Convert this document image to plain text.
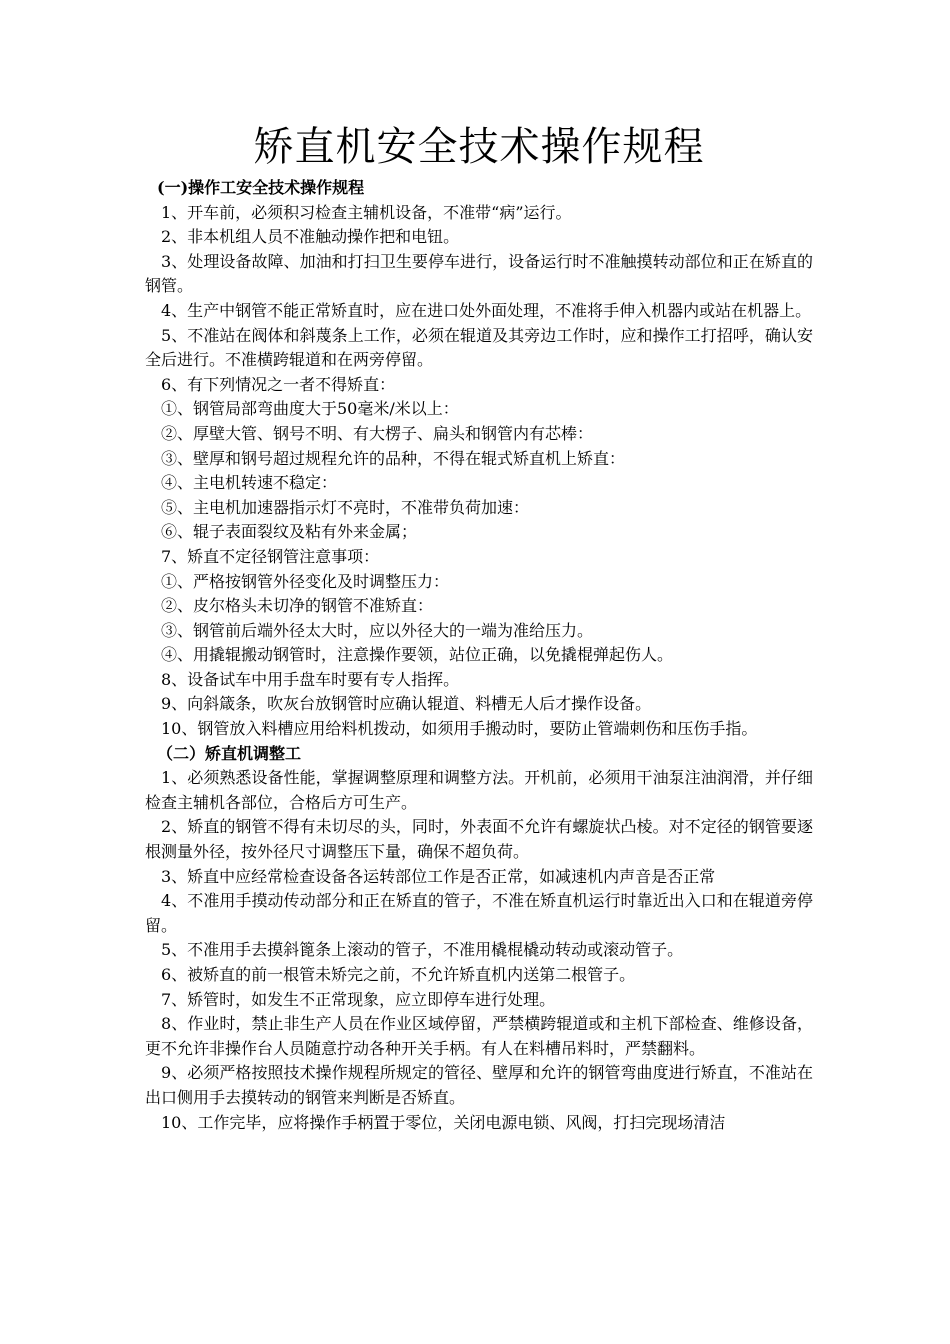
矫直机安全技术操作规程

(一)操作工安全技术操作规程

1、开车前，必须积习检查主辅机设备，不准带“病”运行。

2、非本机组人员不准触动操作把和电钮。

3、处理设备故障、加油和打扫卫生要停车进行，设备运行时不准触摸转动部位和正在矫直的钢管。

4、生产中钢管不能正常矫直时，应在进口处外面处理，不准将手伸入机器内或站在机器上。

5、不准站在阀体和斜蔑条上工作，必须在辊道及其旁边工作时，应和操作工打招呼，确认安全后进行。不准横跨辊道和在两旁停留。

6、有下列情况之一者不得矫直：

①、钢管局部弯曲度大于50毫米/米以上：

②、厚壁大管、钢号不明、有大楞子、扁头和钢管内有芯棒：

③、壁厚和钢号超过规程允许的品种，不得在辊式矫直机上矫直：

④、主电机转速不稳定：

⑤、主电机加速器指示灯不亮时，不准带负荷加速：

⑥、辊子表面裂纹及粘有外来金属；

7、矫直不定径钢管注意事项：

①、严格按钢管外径变化及时调整压力：

②、皮尔格头未切净的钢管不准矫直：

③、钢管前后端外径太大时，应以外径大的一端为准给压力。

④、用撬辊搬动钢管时，注意操作要领，站位正确，以免撬棍弹起伤人。

8、设备试车中用手盘车时要有专人指挥。

9、向斜箴条，吹灰台放钢管时应确认辊道、料槽无人后才操作设备。

10、钢管放入料槽应用给料机拨动，如须用手搬动时，要防止管端刺伤和压伤手指。

（二）矫直机调整工

1、必须熟悉设备性能，掌握调整原理和调整方法。开机前，必须用干油泵注油润滑，并仔细检查主辅机各部位，合格后方可生产。

2、矫直的钢管不得有未切尽的头，同时，外表面不允许有螺旋状凸棱。对不定径的钢管要逐根测量外径，按外径尺寸调整压下量，确保不超负荷。

3、矫直中应经常检查设备各运转部位工作是否正常，如减速机内声音是否正常

4、不准用手摸动传动部分和正在矫直的管子，不准在矫直机运行时靠近出入口和在辊道旁停留。

5、不准用手去摸斜篦条上滚动的管子，不准用橇棍橇动转动或滚动管子。

6、被矫直的前一根管未矫完之前，不允许矫直机内送第二根管子。

7、矫管时，如发生不正常现象，应立即停车进行处理。

8、作业时，禁止非生产人员在作业区域停留，严禁横跨辊道或和主机下部检查、维修设备，更不允许非操作台人员随意拧动各种开关手柄。有人在料槽吊料时，严禁翻料。

9、必须严格按照技术操作规程所规定的管径、壁厚和允许的钢管弯曲度进行矫直，不准站在出口侧用手去摸转动的钢管来判断是否矫直。

10、工作完毕，应将操作手柄置于零位，关闭电源电锁、风阀，打扫完现场清洁
